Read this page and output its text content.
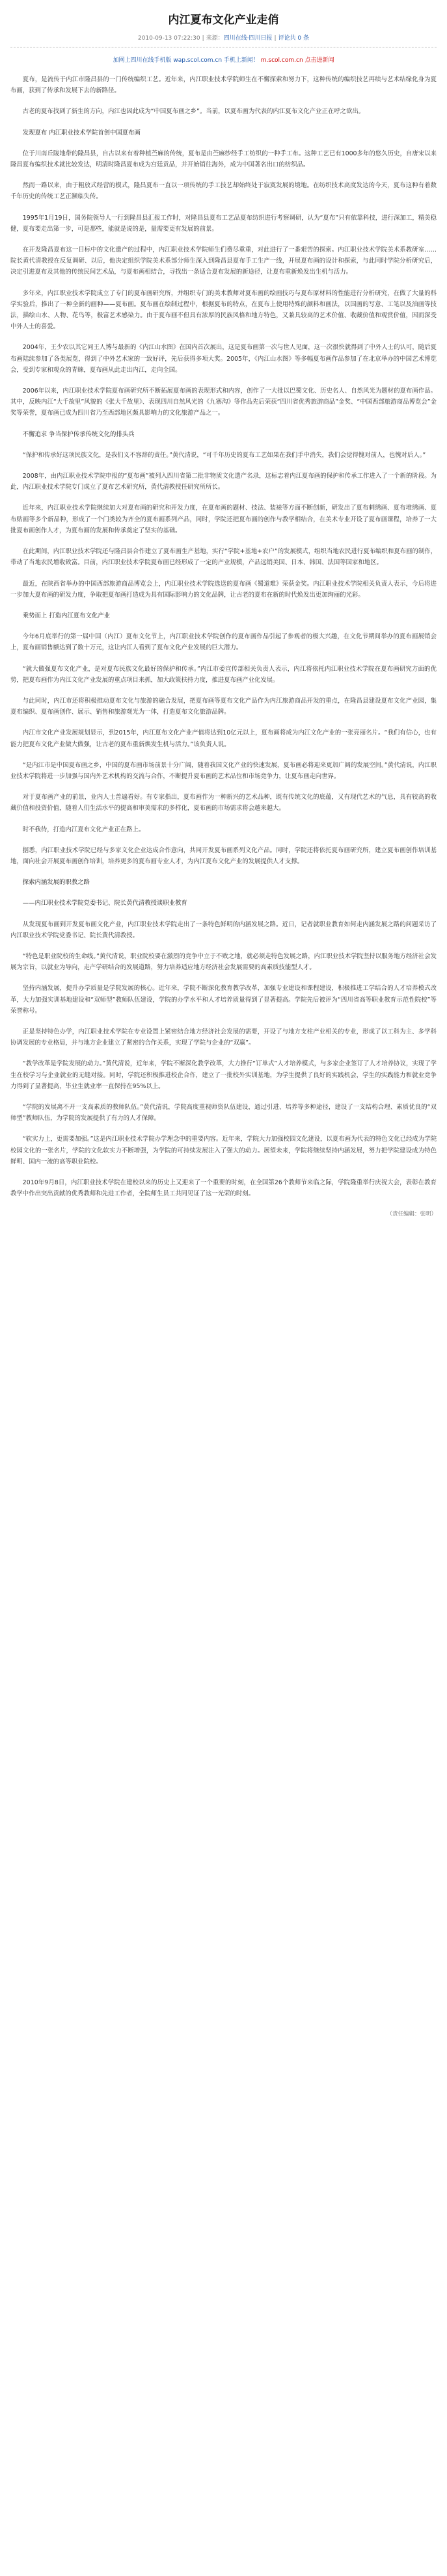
内江夏布文化产业走俏
2010-09-13 07:22:30 | 来源：四川在线·四川日报 | 评论共 0 条
加网上四川在线手机版 wap.scol.com.cn 手机上新闻！ m.scol.com.cn 点击进新闻

夏布，是流传于内江市隆昌县的一门传统编织工艺。近年来，内江职业技术学院师生在不懈探索和努力下，这种传统的编织技艺再续与艺术结缘化身为夏布画，获到了传承和发展下去的新路径。

古老的夏布找到了新生的方向，内江也因此成为“中国夏布画之乡”。当前，以夏布画为代表的内江夏布文化产业正在呼之欲出。

发现夏布 内江职业技术学院首创中国夏布画

位于川南丘陵地带的隆昌县，自古以来有着种植苎麻的传统，夏布是由苎麻纱经手工纺织的一种手工布。这种工艺已有1000多年的悠久历史，自唐宋以来隆昌夏布编织技术就比较发达，明清时隆昌夏布成为宫廷贡品，并开始销往海外，成为中国著名出口的纺织品。

然而一路以来，由于粗放式经营的模式，隆昌夏布一直以一项传统的手工技艺却始终处于寂寞发展的境地。在纺织技术高度发达的今天，夏布这种有着数千年历史的传统工艺正濒临失传。

1995年1月19日，国务院领导人一行到隆昌县汇报工作时，对隆昌县夏布工艺品夏布纺织进行考察调研，认为“夏布”只有依靠科技，进行深加工，精美稳健，夏布要走出第一步，可是那些，能就是说的是，量需要更有发展的前景。

在开发隆昌夏布这一目标中的文化遗产的过程中，内江职业技术学院师生们费尽重重，对此进行了一番艰苦的探索。内江职业技术学院美术系教研室……院长黄代清教授在反复调研、以后，他决定组织学院美术系部分师生深入到隆昌县夏布手工生产一线，开展夏布画的设计和探索，与此同时学院分析研究后，决定引进夏布及其他的传统民间艺术品，与夏布画相结合，寻找出一条适合夏布发展的新途径，让夏布重新焕发出生机与活力。

多年来，内江职业技术学院成立了专门的夏布画研究所，并组织专门的美术教师对夏布画的绘画技巧与夏布原材料的性能进行分析研究，在做了大量的科学实验后，推出了一种全新的画种——夏布画。夏布画在绘制过程中，根据夏布的特点，在夏布上使用特殊的颜料和画法，以国画的写意、工笔以及油画等技法，描绘山水、人物、花鸟等，极富艺术感染力。由于夏布画不但具有浓厚的民族风格和地方特色，又兼具较高的艺术价值、收藏价值和观赏价值，因而深受中外人士的喜爱。

2004年，王少农以其它同王人博与最新的《内江山水图》在国内首次展出，这是夏布画第一次与世人见面，这一次很快就得到了中外人士的认可，随后夏布画陆续参加了各类展览，得到了中外艺术家的一致好评，先后获得多项大奖。2005年，《内江山水图》等多幅夏布画作品参加了在北京举办的中国艺术博览会，受到专家和观众的青睐，夏布画从此走出内江，走向全国。

2006年以来，内江职业技术学院夏布画研究所不断拓展夏布画的表现形式和内容，创作了一大批以巴蜀文化、历史名人、自然风光为题材的夏布画作品。其中，反映内江“大千故里”风貌的《张大千故里》、表现四川自然风光的《九寨沟》等作品先后荣获“四川省优秀旅游商品”金奖、“中国西部旅游商品博览会”金奖等荣誉，夏布画已成为四川省乃至西部地区颇具影响力的文化旅游产品之一。

不懈追求 争当保护传承传统文化的排头兵

“保护和传承好这项民族文化，是我们义不容辞的责任。”黄代清说，“可千年历史的夏布工艺如果在我们手中消失，我们会觉得愧对前人，也愧对后人。”

2008年，由内江职业技术学院申报的“夏布画”被列入四川省第二批非物质文化遗产名录，这标志着内江夏布画的保护和传承工作进入了一个新的阶段。为此，内江职业技术学院专门成立了夏布艺术研究所，黄代清教授任研究所所长。

近年来，内江职业技术学院继续加大对夏布画的研究和开发力度，在夏布画的题材、技法、装裱等方面不断创新，研发出了夏布刺绣画、夏布堆绣画、夏布贴画等多个新品种，形成了一个门类较为齐全的夏布画系列产品，同时，学院还把夏布画的创作与教学相结合，在美术专业开设了夏布画课程，培养了一大批夏布画创作人才，为夏布画的发展和传承奠定了坚实的基础。

在此期间，内江职业技术学院还与隆昌县合作建立了夏布画生产基地，实行“学院+基地+农户”的发展模式，组织当地农民进行夏布编织和夏布画的制作，带动了当地农民增收致富。目前，内江职业技术学院夏布画已经形成了一定的产业规模，产品远销美国、日本、韩国、法国等国家和地区。

最近，在陕西省举办的中国西部旅游商品博览会上，内江职业技术学院选送的夏布画《蜀道难》荣获金奖。内江职业技术学院相关负责人表示，今后将进一步加大夏布画的研发力度，争取把夏布画打造成为具有国际影响力的文化品牌，让古老的夏布在新的时代焕发出更加绚丽的光彩。

乘势而上 打造内江夏布文化产业

今年6月底举行的第一届中国（内江）夏布文化节上，内江职业技术学院创作的夏布画作品引起了参观者的极大兴趣，在文化节期间举办的夏布画展销会上，夏布画销售额达到了数十万元，这让内江人看到了夏布文化产业发展的巨大潜力。

“就大做强夏布文化产业，是对夏布民族文化最好的保护和传承。”内江市委宣传部相关负责人表示，内江将依托内江职业技术学院在夏布画研究方面的优势，把夏布画作为内江文化产业发展的重点项目来抓，加大政策扶持力度，推进夏布画产业化发展。

与此同时，内江市还将积极推动夏布文化与旅游的融合发展，把夏布画等夏布文化产品作为内江旅游商品开发的重点，在隆昌县建设夏布文化产业园，集夏布编织、夏布画创作、展示、销售和旅游观光为一体，打造夏布文化旅游品牌。

内江市文化产业发展规划显示，到2015年，内江夏布文化产业产值将达到10亿元以上，夏布画将成为内江文化产业的一张亮丽名片。“我们有信心，也有能力把夏布文化产业做大做强，让古老的夏布重新焕发生机与活力。”该负责人说。

“是内江市是中国夏布画之乡，中国的夏布画市场前景十分广阔，随着我国文化产业的快速发展，夏布画必将迎来更加广阔的发展空间。”黄代清说，内江职业技术学院将进一步加强与国内外艺术机构的交流与合作，不断提升夏布画的艺术品位和市场竞争力，让夏布画走向世界。

对于夏布画产业的前景，业内人士普遍看好。有专家指出，夏布画作为一种新兴的艺术品种，既有传统文化的底蕴，又有现代艺术的气息，具有较高的收藏价值和投资价值，随着人们生活水平的提高和审美需求的多样化，夏布画的市场需求将会越来越大。

时不我待，打造内江夏布文化产业正在路上。

据悉，内江职业技术学院已经与多家文化企业达成合作意向，共同开发夏布画系列文化产品。同时，学院还将依托夏布画研究所，建立夏布画创作培训基地，面向社会开展夏布画创作培训，培养更多的夏布画专业人才，为内江夏布文化产业的发展提供人才支撑。

探索内涵发展的职教之路

——内江职业技术学院党委书记、院长黄代清教授谈职业教育

从发现夏布画到开发夏布画文化产业，内江职业技术学院走出了一条特色鲜明的内涵发展之路。近日，记者就职业教育如何走内涵发展之路的问题采访了内江职业技术学院党委书记、院长黄代清教授。

“特色是职业院校的生命线。”黄代清说，职业院校要在激烈的竞争中立于不败之地，就必须走特色发展之路，内江职业技术学院坚持以服务地方经济社会发展为宗旨，以就业为导向，走产学研结合的发展道路，努力培养适应地方经济社会发展需要的高素质技能型人才。

坚持内涵发展，提升办学质量是学院发展的核心。近年来，学院不断深化教育教学改革，加强专业建设和课程建设，积极推进工学结合的人才培养模式改革，大力加强实训基地建设和“双师型”教师队伍建设，学院的办学水平和人才培养质量得到了显著提高。学院先后被评为“四川省高等职业教育示范性院校”等荣誉称号。

正是坚持特色办学，内江职业技术学院在专业设置上紧密结合地方经济社会发展的需要，开设了与地方支柱产业相关的专业，形成了以工科为主、多学科协调发展的专业格局，并与地方企业建立了紧密的合作关系，实现了学院与企业的“双赢”。

“教学改革是学院发展的动力。”黄代清说，近年来，学院不断深化教学改革，大力推行“订单式”人才培养模式，与多家企业签订了人才培养协议，实现了学生在校学习与企业就业的无缝对接。同时，学院还积极推进校企合作，建立了一批校外实训基地，为学生提供了良好的实践机会，学生的实践能力和就业竞争力得到了显著提高，毕业生就业率一直保持在95%以上。

“学院的发展离不开一支高素质的教师队伍。”黄代清说，学院高度重视师资队伍建设，通过引进、培养等多种途径，建设了一支结构合理、素质优良的“双师型”教师队伍，为学院的发展提供了有力的人才保障。

“软实力上，更需要加强。”这是内江职业技术学院办学理念中的重要内容。近年来，学院大力加强校园文化建设，以夏布画为代表的特色文化已经成为学院校园文化的一张名片，学院的文化软实力不断增强，为学院的可持续发展注入了强大的动力。展望未来，学院将继续坚持内涵发展，努力把学院建设成为特色鲜明、国内一流的高等职业院校。

2010年9月8日，内江职业技术学院在建校以来的历史上又迎来了一个重要的时刻，在全国第26个教师节来临之际，学院隆重举行庆祝大会，表彰在教育教学中作出突出贡献的优秀教师和先进工作者，全院师生员工共同见证了这一光荣的时刻。

（责任编辑：张明）
